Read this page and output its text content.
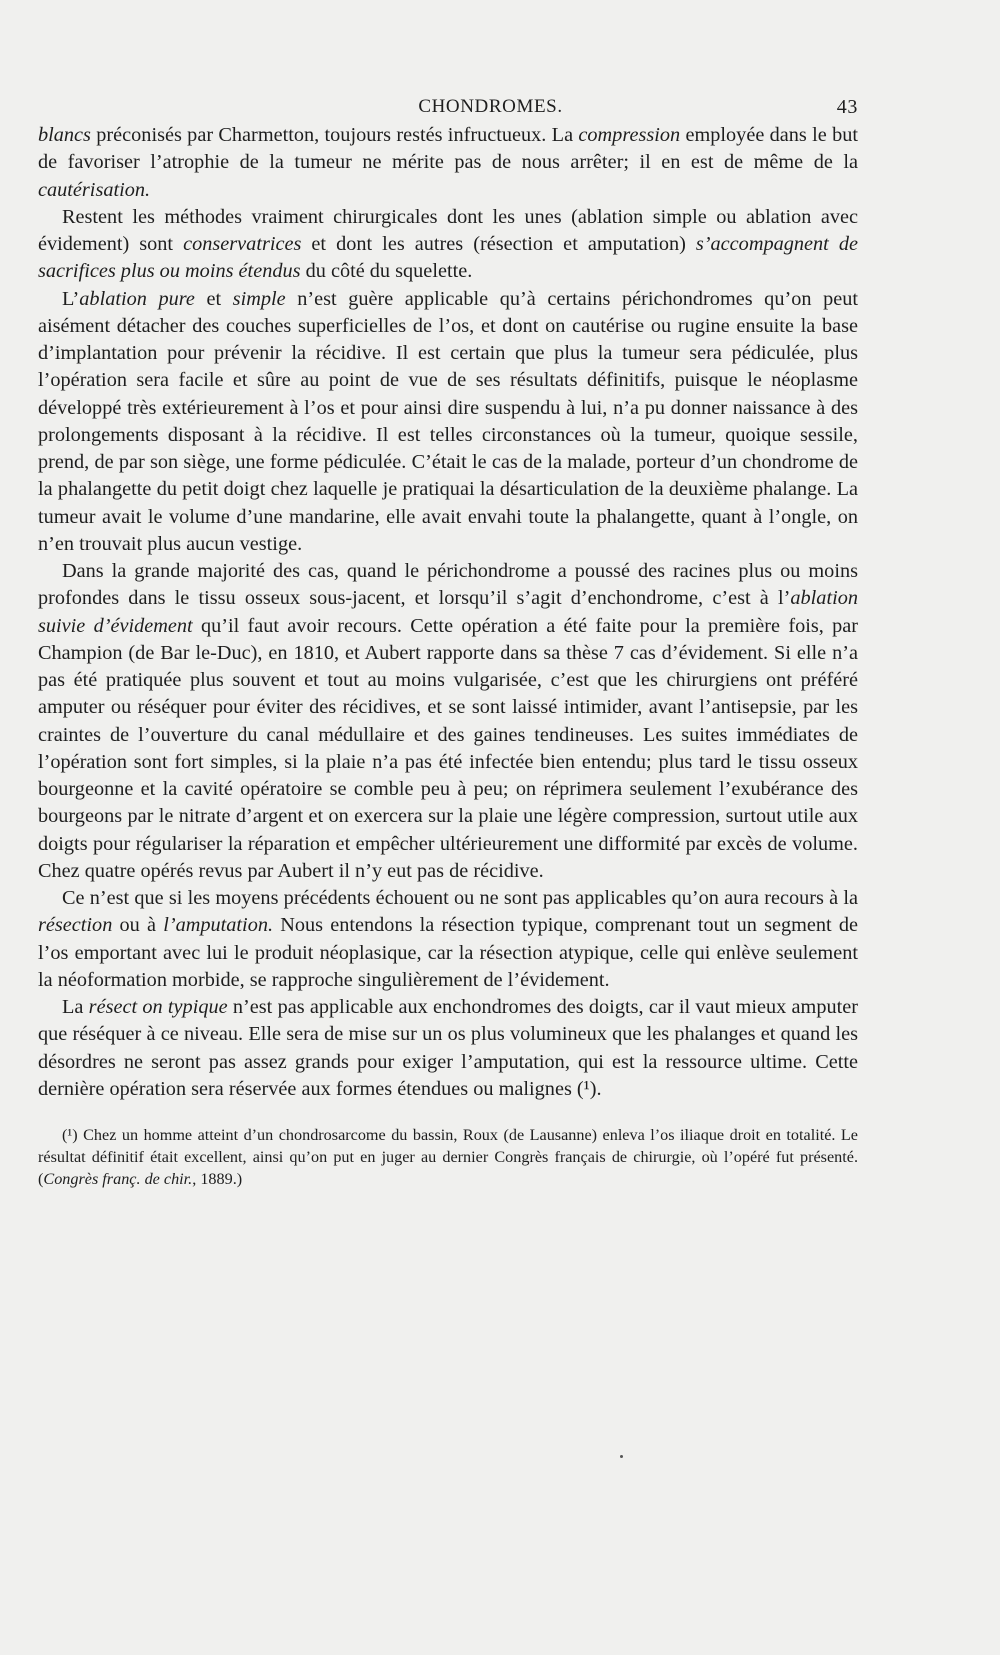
CHONDROMES.	43

blancs préconisés par Charmetton, toujours restés infructueux. La compression employée dans le but de favoriser l’atrophie de la tumeur ne mérite pas de nous arrêter; il en est de même de la cautérisation.

Restent les méthodes vraiment chirurgicales dont les unes (ablation simple ou ablation avec évidement) sont conservatrices et dont les autres (résection et amputation) s’accompagnent de sacrifices plus ou moins étendus du côté du squelette.

L’ablation pure et simple n’est guère applicable qu’à certains périchondromes qu’on peut aisément détacher des couches superficielles de l’os, et dont on cautérise ou rugine ensuite la base d’implantation pour prévenir la récidive. Il est certain que plus la tumeur sera pédiculée, plus l’opération sera facile et sûre au point de vue de ses résultats définitifs, puisque le néoplasme développé très extérieurement à l’os et pour ainsi dire suspendu à lui, n’a pu donner naissance à des prolongements disposant à la récidive. Il est telles circonstances où la tumeur, quoique sessile, prend, de par son siège, une forme pédiculée. C’était le cas de la malade, porteur d’un chondrome de la phalangette du petit doigt chez laquelle je pratiquai la désarticulation de la deuxième phalange. La tumeur avait le volume d’une mandarine, elle avait envahi toute la phalangette, quant à l’ongle, on n’en trouvait plus aucun vestige.

Dans la grande majorité des cas, quand le périchondrome a poussé des racines plus ou moins profondes dans le tissu osseux sous-jacent, et lorsqu’il s’agit d’enchondrome, c’est à l’ablation suivie d’évidement qu’il faut avoir recours. Cette opération a été faite pour la première fois, par Champion (de Bar le-Duc), en 1810, et Aubert rapporte dans sa thèse 7 cas d’évidement. Si elle n’a pas été pratiquée plus souvent et tout au moins vulgarisée, c’est que les chirurgiens ont préféré amputer ou réséquer pour éviter des récidives, et se sont laissé intimider, avant l’antisepsie, par les craintes de l’ouverture du canal médullaire et des gaines tendineuses. Les suites immédiates de l’opération sont fort simples, si la plaie n’a pas été infectée bien entendu; plus tard le tissu osseux bourgeonne et la cavité opératoire se comble peu à peu; on réprimera seulement l’exubérance des bourgeons par le nitrate d’argent et on exercera sur la plaie une légère compression, surtout utile aux doigts pour régulariser la réparation et empêcher ultérieurement une difformité par excès de volume. Chez quatre opérés revus par Aubert il n’y eut pas de récidive.

Ce n’est que si les moyens précédents échouent ou ne sont pas applicables qu’on aura recours à la résection ou à l’amputation. Nous entendons la résection typique, comprenant tout un segment de l’os emportant avec lui le produit néoplasique, car la résection atypique, celle qui enlève seulement la néoformation morbide, se rapproche singulièrement de l’évidement.

La résect on typique n’est pas applicable aux enchondromes des doigts, car il vaut mieux amputer que réséquer à ce niveau. Elle sera de mise sur un os plus volumineux que les phalanges et quand les désordres ne seront pas assez grands pour exiger l’amputation, qui est la ressource ultime. Cette dernière opération sera réservée aux formes étendues ou malignes (¹).

(¹) Chez un homme atteint d’un chondrosarcome du bassin, Roux (de Lausanne) enleva l’os iliaque droit en totalité. Le résultat définitif était excellent, ainsi qu’on put en juger au dernier Congrès français de chirurgie, où l’opéré fut présenté. (Congrès franç. de chir., 1889.)
